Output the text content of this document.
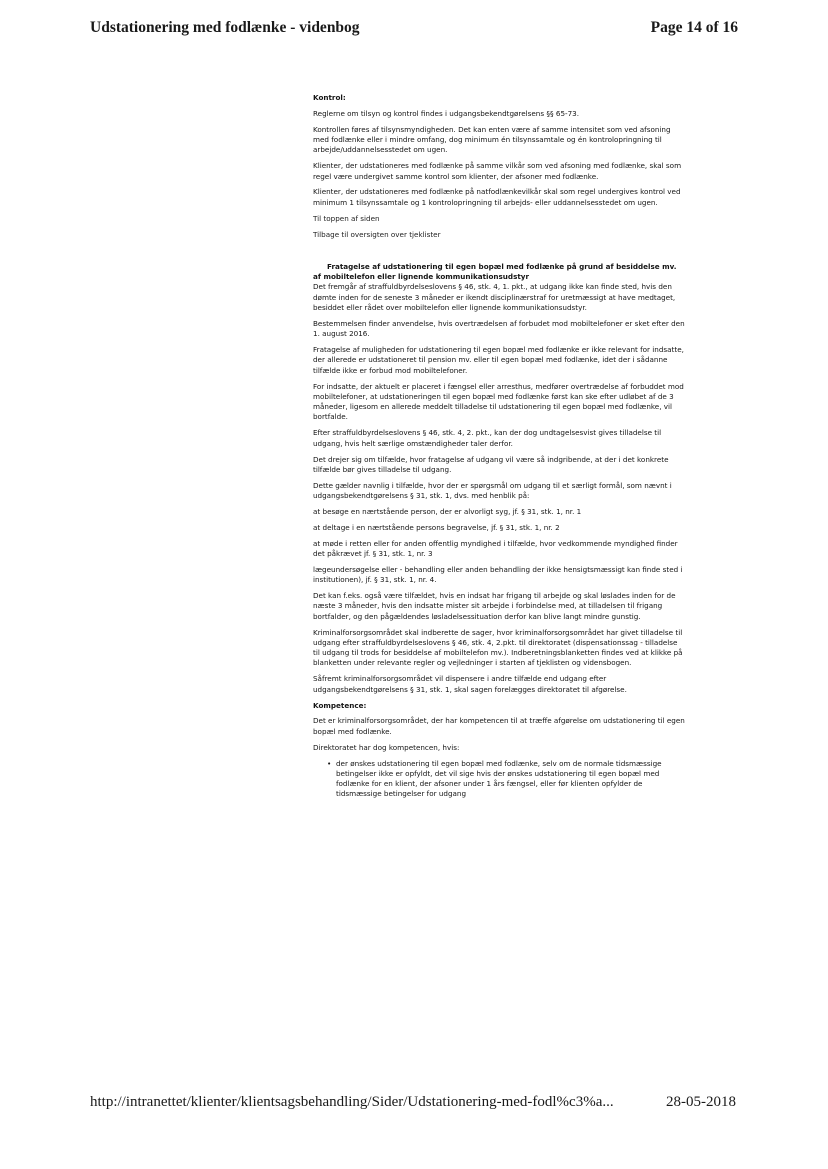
Udstationering med fodlænke - videnbog	Page 14 of 16

Kontrol:

Reglerne om tilsyn og kontrol findes i udgangsbekendtgørelsens §§ 65-73.

Kontrollen føres af tilsynsmyndigheden. Det kan enten være af samme intensitet som ved afsoning med fodlænke eller i mindre omfang, dog minimum én tilsynssamtale og én kontrolopringning til arbejde/uddannelsesstedet om ugen.

Klienter, der udstationeres med fodlænke på samme vilkår som ved afsoning med fodlænke, skal som regel være undergivet samme kontrol som klienter, der afsoner med fodlænke.

Klienter, der udstationeres med fodlænke på natfodlænkevilkår skal som regel undergives kontrol ved minimum 1 tilsynssamtale og 1 kontrolopringning til arbejds- eller uddannelsesstedet om ugen.

Til toppen af siden

Tilbage til oversigten over tjeklister

Fratagelse af udstationering til egen bopæl med fodlænke på grund af besiddelse mv. af mobiltelefon eller lignende kommunikationsudstyr
Det fremgår af straffuldbyrdelseslovens § 46, stk. 4, 1. pkt., at udgang ikke kan finde sted, hvis den dømte inden for de seneste 3 måneder er ikendt disciplinærstraf for uretmæssigt at have medtaget, besiddet eller rådet over mobiltelefon eller lignende kommunikationsudstyr.

Bestemmelsen finder anvendelse, hvis overtrædelsen af forbudet mod mobiltelefoner er sket efter den 1. august 2016.

Fratagelse af muligheden for udstationering til egen bopæl med fodlænke er ikke relevant for indsatte, der allerede er udstationeret til pension mv. eller til egen bopæl med fodlænke, idet der i sådanne tilfælde ikke er forbud mod mobiltelefoner.

For indsatte, der aktuelt er placeret i fængsel eller arresthus, medfører overtrædelse af forbuddet mod mobiltelefoner, at udstationeringen til egen bopæl med fodlænke først kan ske efter udløbet af de 3 måneder, ligesom en allerede meddelt tilladelse til udstationering til egen bopæl med fodlænke, vil bortfalde.

Efter straffuldbyrdelseslovens § 46, stk. 4, 2. pkt., kan der dog undtagelsesvist gives tilladelse til udgang, hvis helt særlige omstændigheder taler derfor.

Det drejer sig om tilfælde, hvor fratagelse af udgang vil være så indgribende, at der i det konkrete tilfælde bør gives tilladelse til udgang.

Dette gælder navnlig i tilfælde, hvor der er spørgsmål om udgang til et særligt formål, som nævnt i udgangsbekendtgørelsens § 31, stk. 1, dvs. med henblik på:

at besøge en nærtstående person, der er alvorligt syg, jf. § 31, stk. 1, nr. 1

at deltage i en nærtstående persons begravelse, jf. § 31, stk. 1, nr. 2

at møde i retten eller for anden offentlig myndighed i tilfælde, hvor vedkommende myndighed finder det påkrævet jf. § 31, stk. 1, nr. 3

lægeundersøgelse eller - behandling eller anden behandling der ikke hensigtsmæssigt kan finde sted i institutionen), jf. § 31, stk. 1, nr. 4.

Det kan f.eks. også være tilfældet, hvis en indsat har frigang til arbejde og skal løslades inden for de næste 3 måneder, hvis den indsatte mister sit arbejde i forbindelse med, at tilladelsen til frigang bortfalder, og den pågældendes løsladelsessituation derfor kan blive langt mindre gunstig.

Kriminalforsorgsområdet skal indberette de sager, hvor kriminalforsorgsområdet har givet tilladelse til udgang efter straffuldbyrdelseslovens § 46, stk. 4, 2.pkt. til direktoratet (dispensationssag - tilladelse til udgang til trods for besiddelse af mobiltelefon mv.). Indberetningsblanketten findes ved at klikke på blanketten under relevante regler og vejledninger i starten af tjeklisten og vidensbogen.

Såfremt kriminalforsorgsområdet vil dispensere i andre tilfælde end udgang efter udgangsbekendtgørelsens § 31, stk. 1, skal sagen forelægges direktoratet til afgørelse.

Kompetence:

Det er kriminalforsorgsområdet, der har kompetencen til at træffe afgørelse om udstationering til egen bopæl med fodlænke.

Direktoratet har dog kompetencen, hvis:

• der ønskes udstationering til egen bopæl med fodlænke, selv om de normale tidsmæssige betingelser ikke er opfyldt, det vil sige hvis der ønskes udstationering til egen bopæl med fodlænke for en klient, der afsoner under 1 års fængsel, eller før klienten opfylder de tidsmæssige betingelser for udgang
http://intranettet/klienter/klientsagsbehandling/Sider/Udstationering-med-fodl%c3%a...	28-05-2018
